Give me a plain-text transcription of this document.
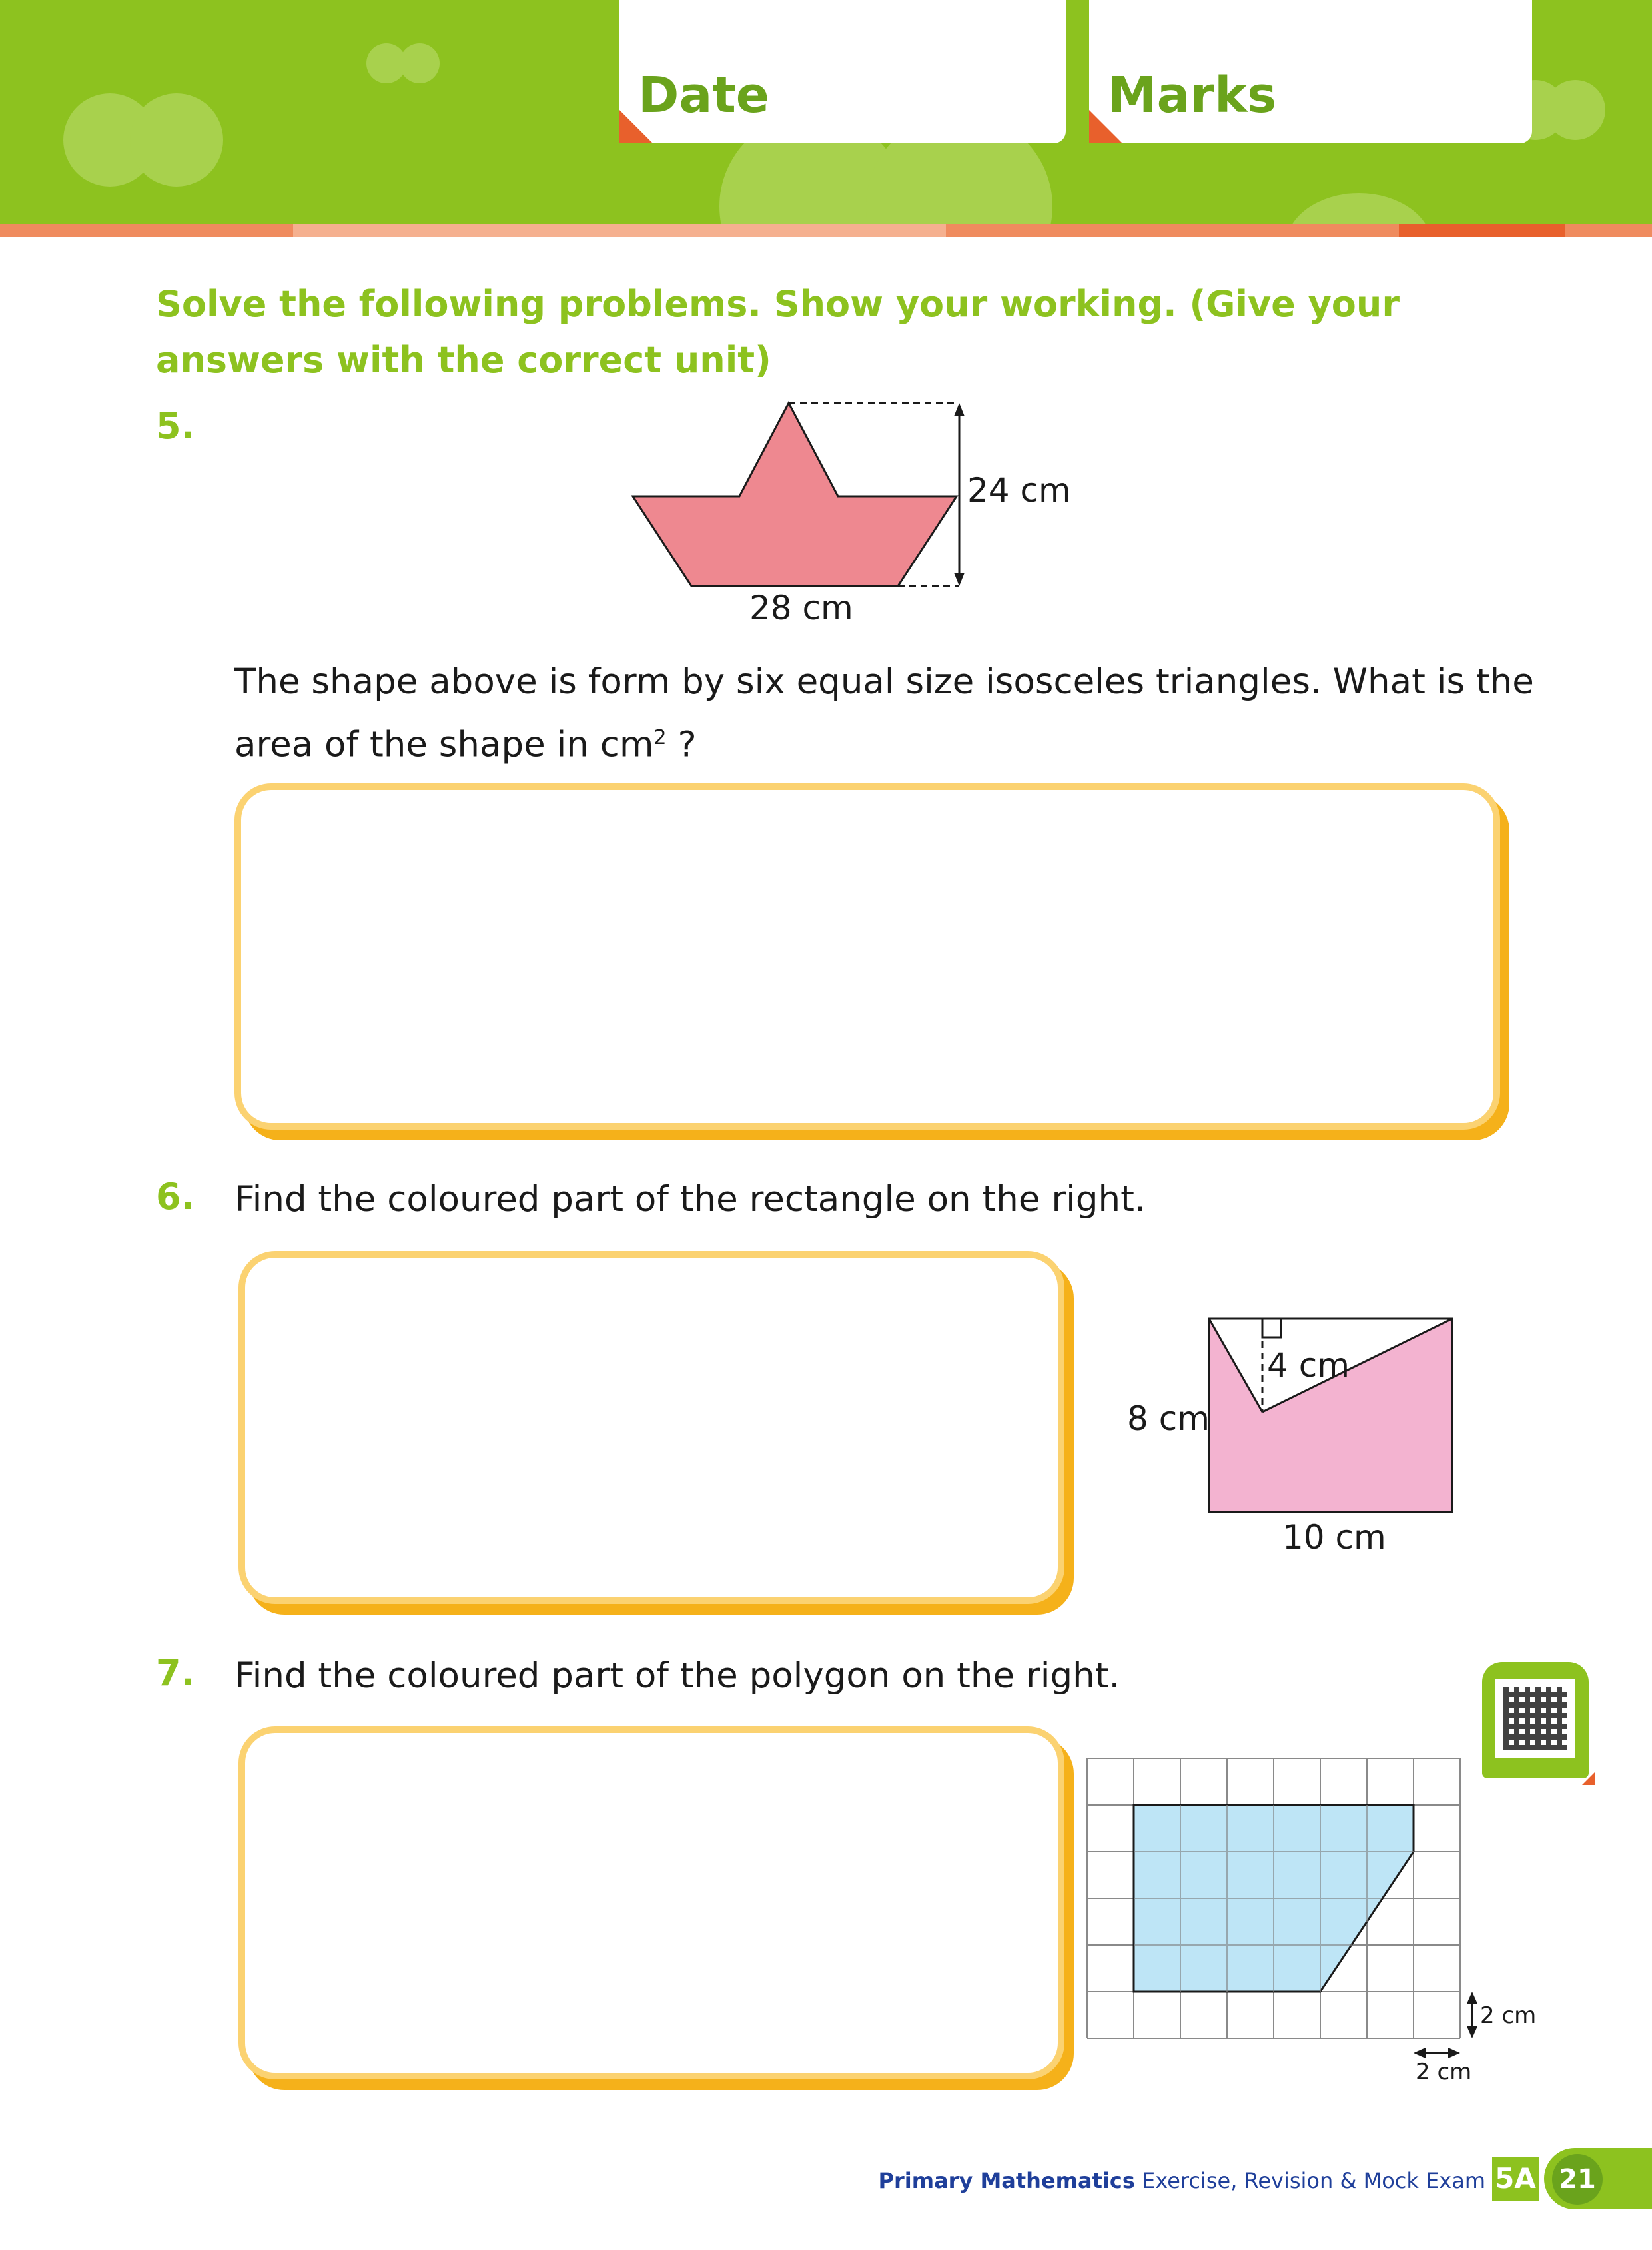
Date	Marks
Solve the following problems. Show your working. (Give your answers with the correct unit)
5.
24 cm
28 cm
The shape above is form by six equal size isosceles triangles. What is the area of the shape in $cm^2$ ?
6. Find the coloured part of the rectangle on the right.
4 cm
8 cm
10 cm
7. Find the coloured part of the polygon on the right.
2 cm
2 cm
Primary Mathematics Exercise, Revision & Mock Exam 5A 21
